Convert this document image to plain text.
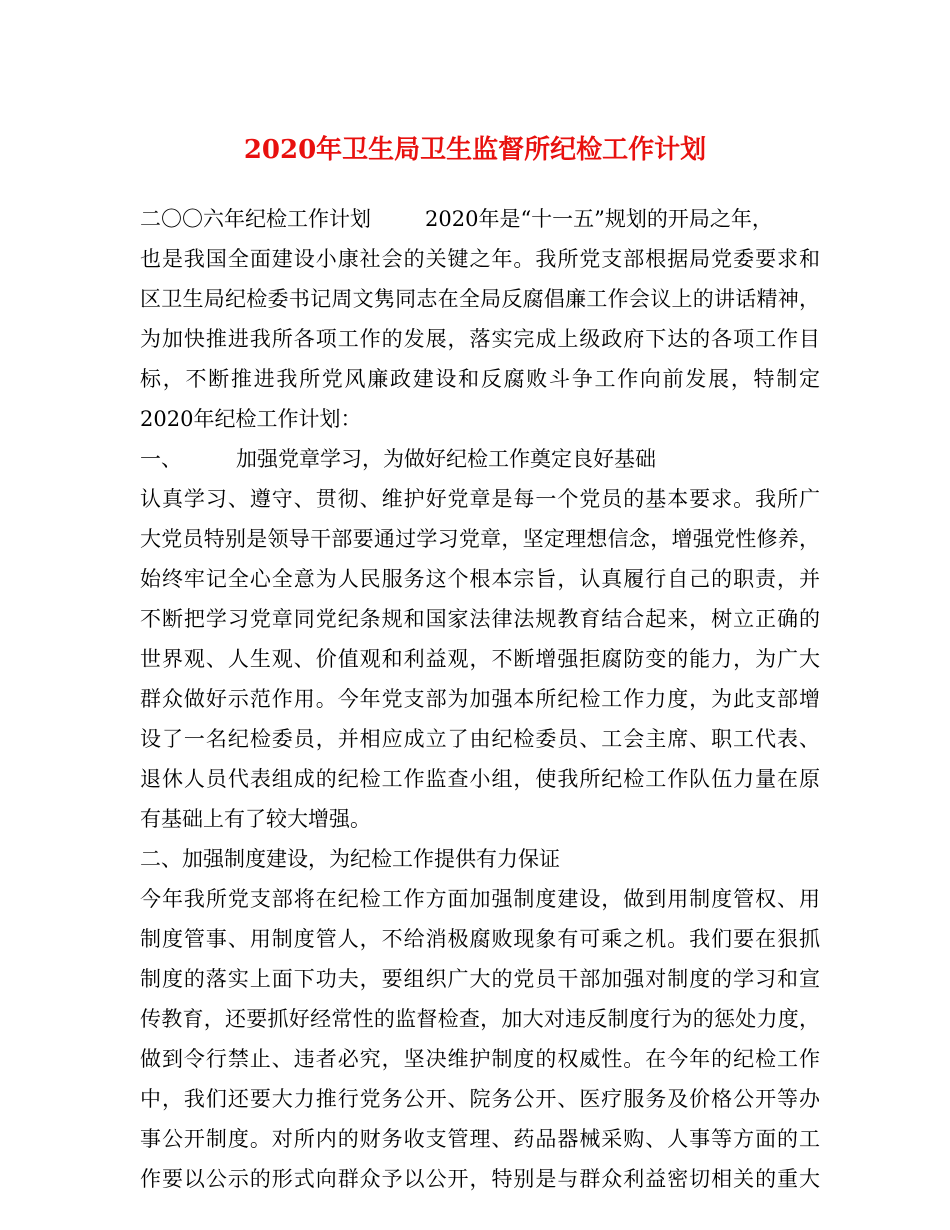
2020年卫生局卫生监督所纪检工作计划
二〇〇六年纪检工作计划	2020年是“十一五”规划的开局之年，
也是我国全面建设小康社会的关键之年。我所党支部根据局党委要求和
区卫生局纪检委书记周文隽同志在全局反腐倡廉工作会议上的讲话精神，
为加快推进我所各项工作的发展，落实完成上级政府下达的各项工作目
标，不断推进我所党风廉政建设和反腐败斗争工作向前发展，特制定
2020年纪检工作计划：
一、	加强党章学习，为做好纪检工作奠定良好基础
认真学习、遵守、贯彻、维护好党章是每一个党员的基本要求。我所广
大党员特别是领导干部要通过学习党章，坚定理想信念，增强党性修养，
始终牢记全心全意为人民服务这个根本宗旨，认真履行自己的职责，并
不断把学习党章同党纪条规和国家法律法规教育结合起来，树立正确的
世界观、人生观、价值观和利益观，不断增强拒腐防变的能力，为广大
群众做好示范作用。今年党支部为加强本所纪检工作力度，为此支部增
设了一名纪检委员，并相应成立了由纪检委员、工会主席、职工代表、
退休人员代表组成的纪检工作监查小组，使我所纪检工作队伍力量在原
有基础上有了较大增强。
二、加强制度建设，为纪检工作提供有力保证
今年我所党支部将在纪检工作方面加强制度建设，做到用制度管权、用
制度管事、用制度管人，不给消极腐败现象有可乘之机。我们要在狠抓
制度的落实上面下功夫，要组织广大的党员干部加强对制度的学习和宣
传教育，还要抓好经常性的监督检查，加大对违反制度行为的惩处力度，
做到令行禁止、违者必究，坚决维护制度的权威性。在今年的纪检工作
中，我们还要大力推行党务公开、院务公开、医疗服务及价格公开等办
事公开制度。对所内的财务收支管理、药品器械采购、人事等方面的工
作要以公示的形式向群众予以公开，特别是与群众利益密切相关的重大
